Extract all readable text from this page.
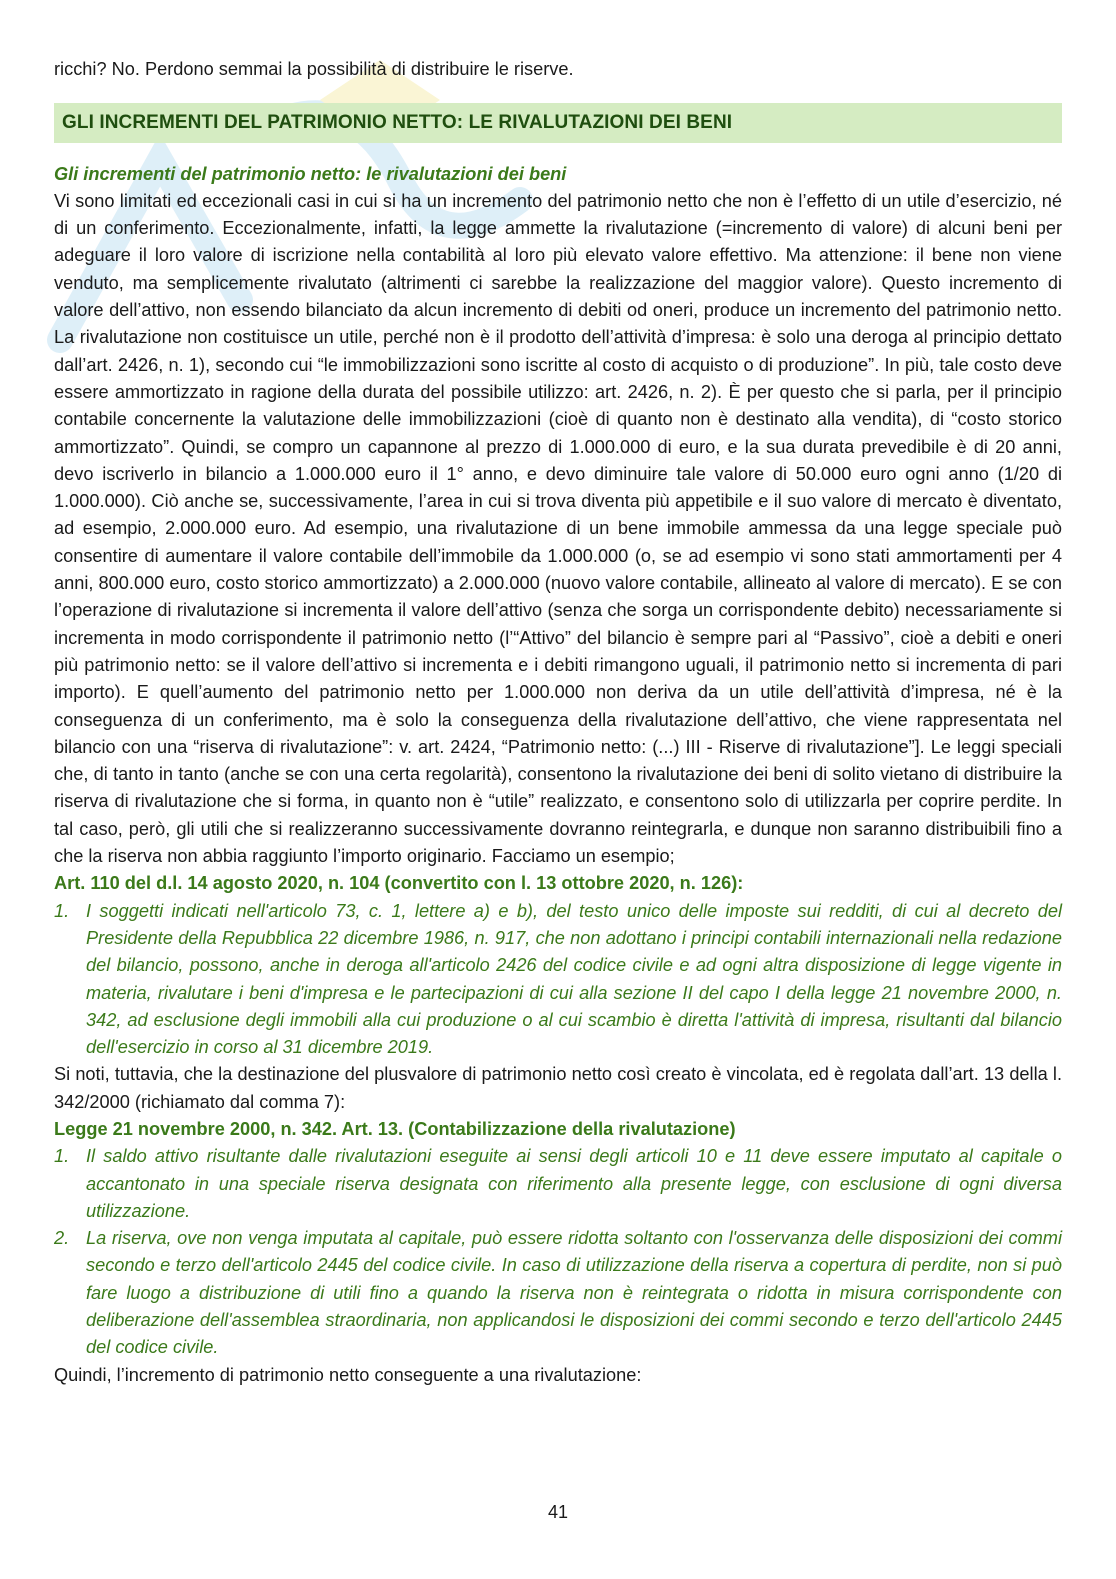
ricchi? No. Perdono semmai la possibilità di distribuire le riserve.

GLI INCREMENTI DEL PATRIMONIO NETTO: LE RIVALUTAZIONI DEI BENI

Gli incrementi del patrimonio netto: le rivalutazioni dei beni

Vi sono limitati ed eccezionali casi in cui si ha un incremento del patrimonio netto che non è l’effetto di un utile d’esercizio, né di un conferimento. Eccezionalmente, infatti, la legge ammette la rivalutazione (=incremento di valore) di alcuni beni per adeguare il loro valore di iscrizione nella contabilità al loro più elevato valore effettivo. Ma attenzione: il bene non viene venduto, ma semplicemente rivalutato (altrimenti ci sarebbe la realizzazione del maggior valore). Questo incremento di valore dell’attivo, non essendo bilanciato da alcun incremento di debiti od oneri, produce un incremento del patrimonio netto. La rivalutazione non costituisce un utile, perché non è il prodotto dell’attività d’impresa: è solo una deroga al principio dettato dall’art. 2426, n. 1), secondo cui “le immobilizzazioni sono iscritte al costo di acquisto o di produzione”. In più, tale costo deve essere ammortizzato in ragione della durata del possibile utilizzo: art. 2426, n. 2). È per questo che si parla, per il principio contabile concernente la valutazione delle immobilizzazioni (cioè di quanto non è destinato alla vendita), di “costo storico ammortizzato”. Quindi, se compro un capannone al prezzo di 1.000.000 di euro, e la sua durata prevedibile è di 20 anni, devo iscriverlo in bilancio a 1.000.000 euro il 1° anno, e devo diminuire tale valore di 50.000 euro ogni anno (1/20 di 1.000.000). Ciò anche se, successivamente, l’area in cui si trova diventa più appetibile e il suo valore di mercato è diventato, ad esempio, 2.000.000 euro. Ad esempio, una rivalutazione di un bene immobile ammessa da una legge speciale può consentire di aumentare il valore contabile dell’immobile da 1.000.000 (o, se ad esempio vi sono stati ammortamenti per 4 anni, 800.000 euro, costo storico ammortizzato) a 2.000.000 (nuovo valore contabile, allineato al valore di mercato). E se con l’operazione di rivalutazione si incrementa il valore dell’attivo (senza che sorga un corrispondente debito) necessariamente si incrementa in modo corrispondente il patrimonio netto (l’“Attivo” del bilancio è sempre pari al “Passivo”, cioè a debiti e oneri più patrimonio netto: se il valore dell’attivo si incrementa e i debiti rimangono uguali, il patrimonio netto si incrementa di pari importo). E quell’aumento del patrimonio netto per 1.000.000 non deriva da un utile dell’attività d’impresa, né è la conseguenza di un conferimento, ma è solo la conseguenza della rivalutazione dell’attivo, che viene rappresentata nel bilancio con una “riserva di rivalutazione”: v. art. 2424, “Patrimonio netto: (...) III - Riserve di rivalutazione”]. Le leggi speciali che, di tanto in tanto (anche se con una certa regolarità), consentono la rivalutazione dei beni di solito vietano di distribuire la riserva di rivalutazione che si forma, in quanto non è “utile” realizzato, e consentono solo di utilizzarla per coprire perdite. In tal caso, però, gli utili che si realizzeranno successivamente dovranno reintegrarla, e dunque non saranno distribuibili fino a che la riserva non abbia raggiunto l’importo originario. Facciamo un esempio;

Art. 110 del d.l. 14 agosto 2020, n. 104 (convertito con l. 13 ottobre 2020, n. 126):

1. I soggetti indicati nell'articolo 73, c. 1, lettere a) e b), del testo unico delle imposte sui redditi, di cui al decreto del Presidente della Repubblica 22 dicembre 1986, n. 917, che non adottano i principi contabili internazionali nella redazione del bilancio, possono, anche in deroga all'articolo 2426 del codice civile e ad ogni altra disposizione di legge vigente in materia, rivalutare i beni d'impresa e le partecipazioni di cui alla sezione II del capo I della legge 21 novembre 2000, n. 342, ad esclusione degli immobili alla cui produzione o al cui scambio è diretta l'attività di impresa, risultanti dal bilancio dell'esercizio in corso al 31 dicembre 2019.

Si noti, tuttavia, che la destinazione del plusvalore di patrimonio netto così creato è vincolata, ed è regolata dall’art. 13 della l. 342/2000 (richiamato dal comma 7):

Legge 21 novembre 2000, n. 342. Art. 13. (Contabilizzazione della rivalutazione)

1. Il saldo attivo risultante dalle rivalutazioni eseguite ai sensi degli articoli 10 e 11 deve essere imputato al capitale o accantonato in una speciale riserva designata con riferimento alla presente legge, con esclusione di ogni diversa utilizzazione.
2. La riserva, ove non venga imputata al capitale, può essere ridotta soltanto con l'osservanza delle disposizioni dei commi secondo e terzo dell'articolo 2445 del codice civile. In caso di utilizzazione della riserva a copertura di perdite, non si può fare luogo a distribuzione di utili fino a quando la riserva non è reintegrata o ridotta in misura corrispondente con deliberazione dell'assemblea straordinaria, non applicandosi le disposizioni dei commi secondo e terzo dell'articolo 2445 del codice civile.

Quindi, l’incremento di patrimonio netto conseguente a una rivalutazione:

41
